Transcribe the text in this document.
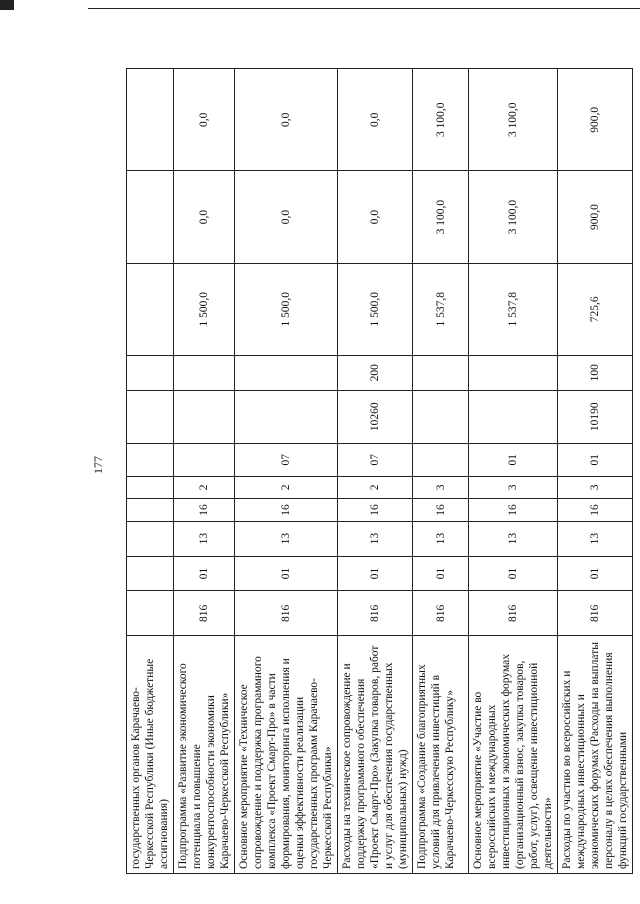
177
государственных органов Карачаево-Черкесской Республики (Иные бюджетные ассигнования)											
Подпрограмма «Развитие экономического потенциала и повышение конкурентоспособности экономики Карачаево-Черкесской Республики»	816	01	13	16	2				1 500,0	0,0	0,0
Основное мероприятие «Техническое сопровождение и поддержка программного комплекса «Проект Смарт-Про» в части формирования, мониторинга исполнения и оценки эффективности реализации государственных программ Карачаево-Черкесской Республики»	816	01	13	16	2	07			1 500,0	0,0	0,0
Расходы на техническое сопровождение и поддержку программного обеспечения «Проект Смарт-Про» (Закупка товаров, работ и услуг для обеспечения государственных (муниципальных) нужд)	816	01	13	16	2	07	10260	200	1 500,0	0,0	0,0
Подпрограмма «Создание благоприятных условий для привлечения инвестиций в Карачаево-Черкесскую Республику»	816	01	13	16	3				1 537,8	3 100,0	3 100,0
Основное мероприятие «Участие во всероссийских и международных инвестиционных и экономических форумах (организационный взнос, закупка товаров, работ, услуг), освещение инвестиционной деятельности»	816	01	13	16	3	01			1 537,8	3 100,0	3 100,0
Расходы по участию во всероссийских и международных инвестиционных и экономических форумах (Расходы на выплаты персоналу в целях обеспечения выполнения функций государственными	816	01	13	16	3	01	10190	100	725,6	900,0	900,0
